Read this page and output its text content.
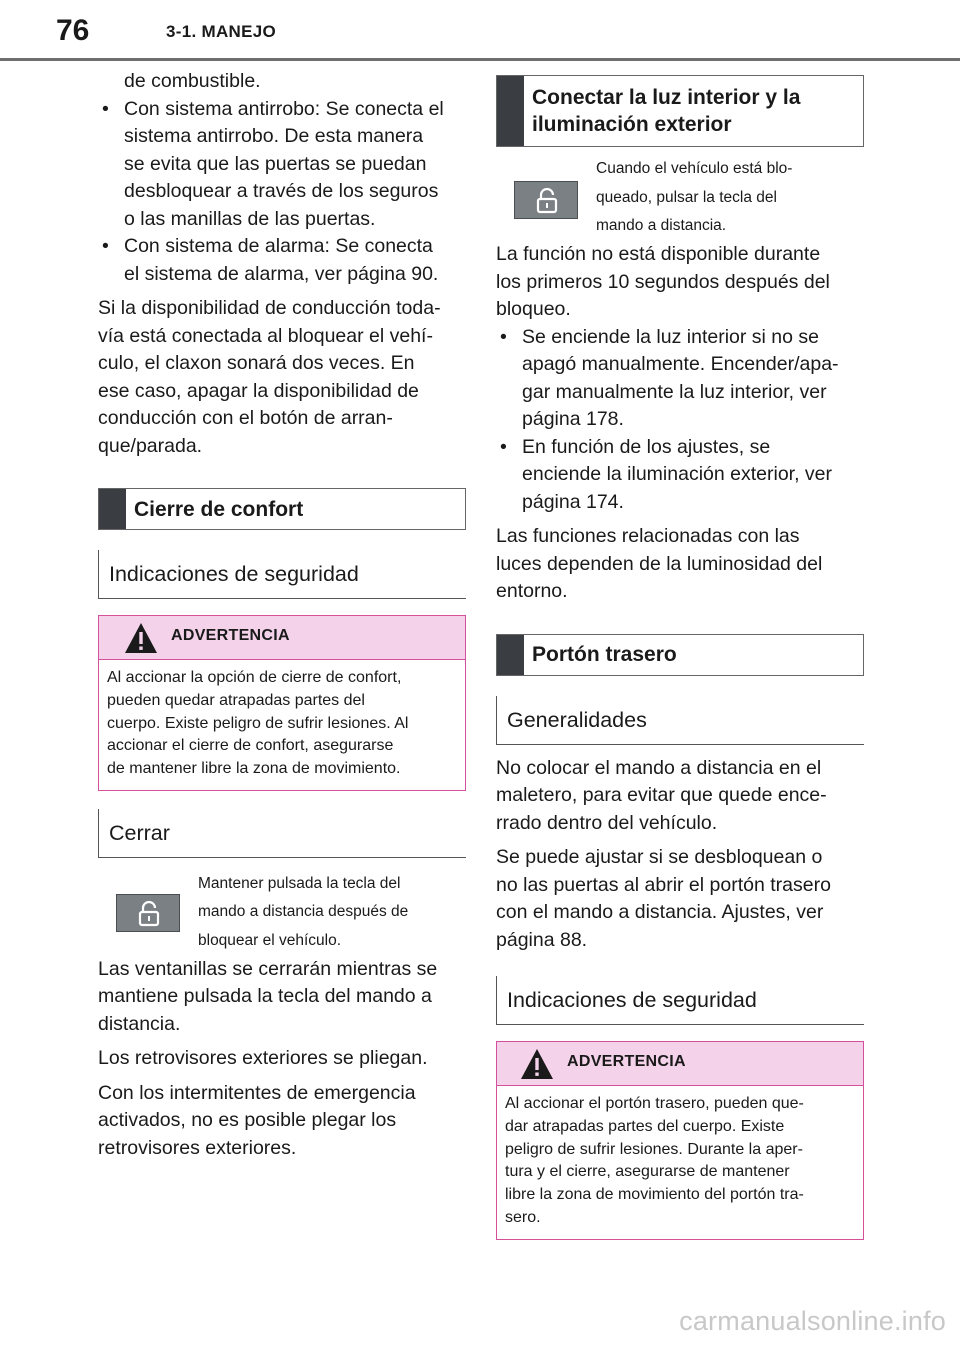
76	3-1. MANEJO
de combustible.
• Con sistema antirrobo: Se conecta el
sistema antirrobo. De esta manera
se evita que las puertas se puedan
desbloquear a través de los seguros
o las manillas de las puertas.
• Con sistema de alarma: Se conecta
el sistema de alarma, ver página 90.
Si la disponibilidad de conducción toda-
vía está conectada al bloquear el vehí-
culo, el claxon sonará dos veces. En
ese caso, apagar la disponibilidad de
conducción con el botón de arran-
que/parada.
Cierre de confort
Indicaciones de seguridad
ADVERTENCIA
Al accionar la opción de cierre de confort,
pueden quedar atrapadas partes del
cuerpo. Existe peligro de sufrir lesiones. Al
accionar el cierre de confort, asegurarse
de mantener libre la zona de movimiento.
Cerrar
Mantener pulsada la tecla del
mando a distancia después de
bloquear el vehículo.
Las ventanillas se cerrarán mientras se
mantiene pulsada la tecla del mando a
distancia.
Los retrovisores exteriores se pliegan.
Con los intermitentes de emergencia
activados, no es posible plegar los
retrovisores exteriores.
Conectar la luz interior y la
iluminación exterior
Cuando el vehículo está blo-
queado, pulsar la tecla del
mando a distancia.
La función no está disponible durante
los primeros 10 segundos después del
bloqueo.
• Se enciende la luz interior si no se
apagó manualmente. Encender/apa-
gar manualmente la luz interior, ver
página 178.
• En función de los ajustes, se
enciende la iluminación exterior, ver
página 174.
Las funciones relacionadas con las
luces dependen de la luminosidad del
entorno.
Portón trasero
Generalidades
No colocar el mando a distancia en el
maletero, para evitar que quede ence-
rrado dentro del vehículo.
Se puede ajustar si se desbloquean o
no las puertas al abrir el portón trasero
con el mando a distancia. Ajustes, ver
página 88.
Indicaciones de seguridad
ADVERTENCIA
Al accionar el portón trasero, pueden que-
dar atrapadas partes del cuerpo. Existe
peligro de sufrir lesiones. Durante la aper-
tura y el cierre, asegurarse de mantener
libre la zona de movimiento del portón tra-
sero.
carmanualsonline.info
